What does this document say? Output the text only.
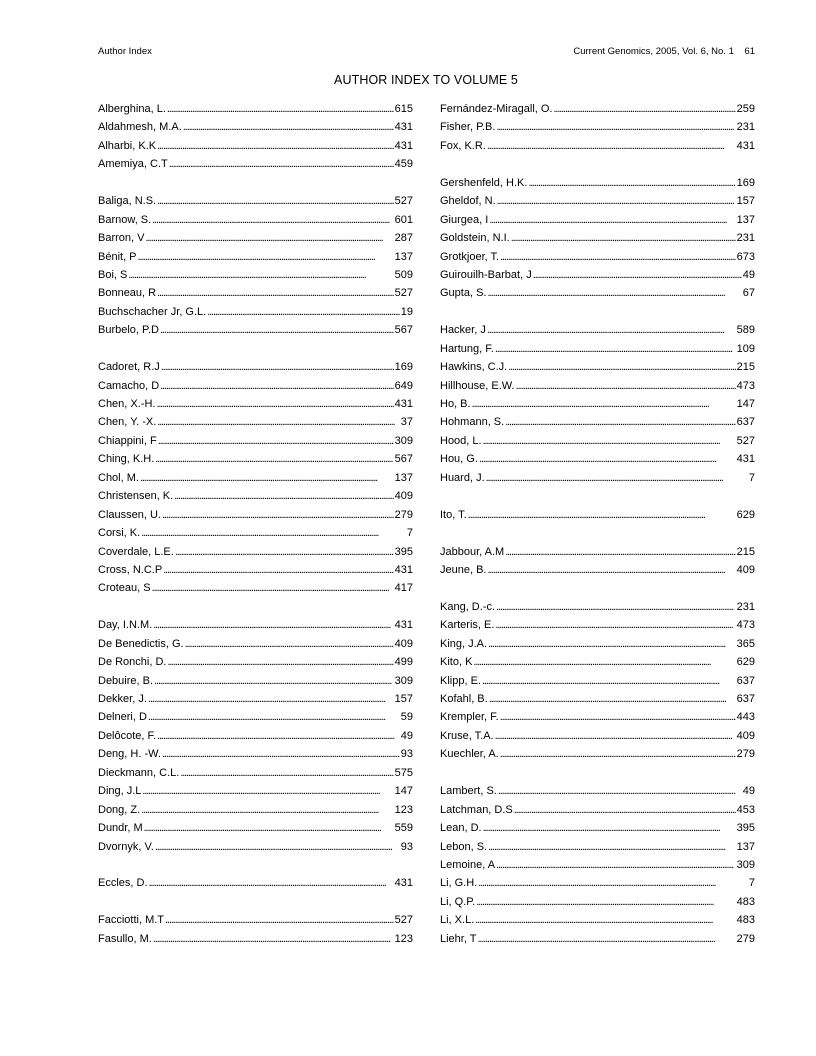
Author Index	Current Genomics, 2005, Vol. 6, No. 1    61
AUTHOR INDEX TO VOLUME 5
Alberghina, L. . . .	615
Aldahmesh, M.A. . . .	431
Alharbi, K.K . . .	431
Amemiya, C.T . . .	459
Baliga, N.S. . . .	527
Barnow, S. . . .	601
Barron, V . . .	287
Bénit, P . . .	137
Boi, S . . .	509
Bonneau, R . . .	527
Buchschacher Jr, G.L. . . .	19
Burbelo, P.D . . .	567
Cadoret, R.J . . .	169
Camacho, D . . .	649
Chen, X.-H. . . .	431
Chen, Y. -X. . . .	37
Chiappini, F . . .	309
Ching, K.H. . . .	567
Chol, M. . . .	137
Christensen, K. . . .	409
Claussen, U. . . .	279
Corsi, K. . . .	7
Coverdale, L.E. . . .	395
Cross, N.C.P . . .	431
Croteau, S . . .	417
Day, I.N.M. . . .	431
De Benedictis, G. . . .	409
De Ronchi, D. . . .	499
Debuire, B. . . .	309
Dekker, J. . . .	157
Delneri, D . . .	59
Delôcote, F. . . .	49
Deng, H. -W. . . .	93
Dieckmann, C.L. . . .	575
Ding, J.L . . .	147
Dong, Z. . . .	123
Dundr, M . . .	559
Dvornyk, V. . . .	93
Eccles, D. . . .	431
Facciotti, M.T . . .	527
Fasullo, M. . . .	123
Fernández-Miragall, O. . . .	259
Fisher, P.B. . . .	231
Fox, K.R. . . .	431
Gershenfeld, H.K. . . .	169
Gheldof, N. . . .	157
Giurgea, I . . .	137
Goldstein, N.I. . . .	231
Grotkjoer, T. . . .	673
Guirouilh-Barbat, J . . .	49
Gupta, S. . . .	67
Hacker, J . . .	589
Hartung, F. . . .	109
Hawkins, C.J. . . .	215
Hillhouse, E.W. . . .	473
Ho, B. . . .	147
Hohmann, S. . . .	637
Hood, L. . . .	527
Hou, G. . . .	431
Huard, J. . . .	7
Ito, T. . . .	629
Jabbour, A.M . . .	215
Jeune, B. . . .	409
Kang, D.-c. . . .	231
Karteris, E. . . .	473
King, J.A. . . .	365
Kito, K . . .	629
Klipp, E. . . .	637
Kofahl, B. . . .	637
Krempler, F. . . .	443
Kruse, T.A. . . .	409
Kuechler, A. . . .	279
Lambert, S. . . .	49
Latchman, D.S . . .	453
Lean, D. . . .	395
Lebon, S. . . .	137
Lemoine, A . . .	309
Li, G.H. . . .	7
Li, Q.P. . . .	483
Li, X.L. . . .	483
Liehr, T . . .	279
